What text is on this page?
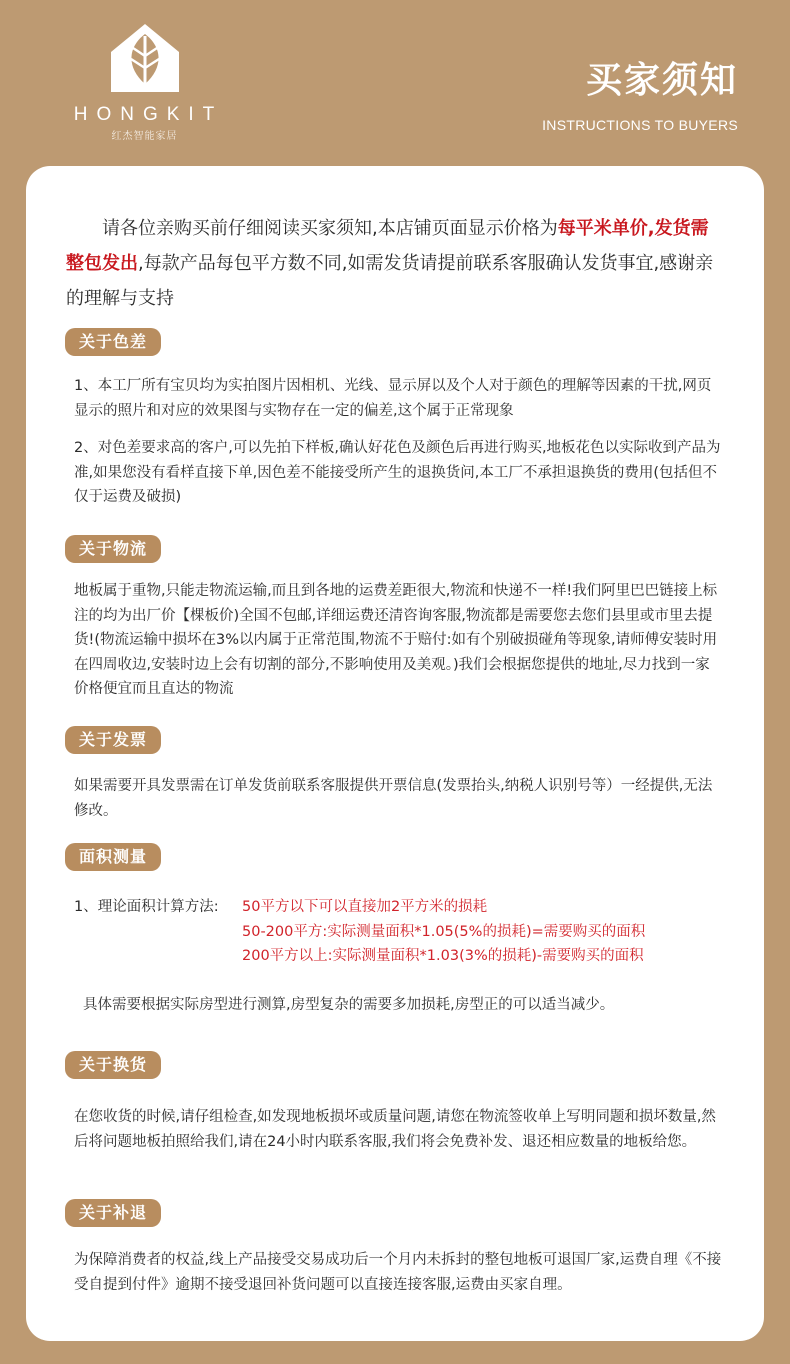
HONGKIT
红杰智能家居
买家须知
INSTRUCTIONS TO BUYERS
请各位亲购买前仔细阅读买家须知,本店铺页面显示价格为每平米单价,发货需整包发出,每款产品每包平方数不同,如需发货请提前联系客服确认发货事宜,感谢亲的理解与支持
关于色差
1、本工厂所有宝贝均为实拍图片因相机、光线、显示屏以及个人对于颜色的理解等因素的干扰,网页显示的照片和对应的效果图与实物存在一定的偏差,这个属于正常现象
2、对色差要求高的客户,可以先拍下样板,确认好花色及颜色后再进行购买,地板花色以实际收到产品为准,如果您没有看样直接下单,因色差不能接受所产生的退换货问,本工厂不承担退换货的费用(包括但不仅于运费及破损)
关于物流
地板属于重物,只能走物流运输,而且到各地的运费差距很大,物流和快递不一样!我们阿里巴巴链接上标注的均为出厂价【棵板价)全国不包邮,详细运费还清咨询客服,物流都是需要您去您们县里或市里去提货!(物流运输中损坏在3%以内属于正常范围,物流不于赔付:如有个别破损碰角等现象,请师傅安装时用在四周收边,安装时边上会有切割的部分,不影响使用及美观。)我们会根据您提供的地址,尽力找到一家价格便宜而且直达的物流
关于发票
如果需要开具发票需在订单发货前联系客服提供开票信息(发票抬头,纳税人识别号等）一经提供,无法修改。
面积测量
1、理论面积计算方法: 50平方以下可以直接加2平方米的损耗
50-200平方:实际测量面积*1.05(5%的损耗)=需要购买的面积
200平方以上:实际测量面积*1.03(3%的损耗)-需要购买的面积
具体需要根据实际房型进行测算,房型复杂的需要多加损耗,房型正的可以适当减少。
关于换货
在您收货的时候,请仔组检查,如发现地板损坏或质量问题,请您在物流签收单上写明同题和损坏数量,然后将问题地板拍照给我们,请在24小时内联系客服,我们将会免费补发、退还相应数量的地板给您。
关于补退
为保障消费者的权益,线上产品接受交易成功后一个月内未拆封的整包地板可退国厂家,运费自理《不接受自提到付件》逾期不接受退回补货问题可以直接连接客服,运费由买家自理。
